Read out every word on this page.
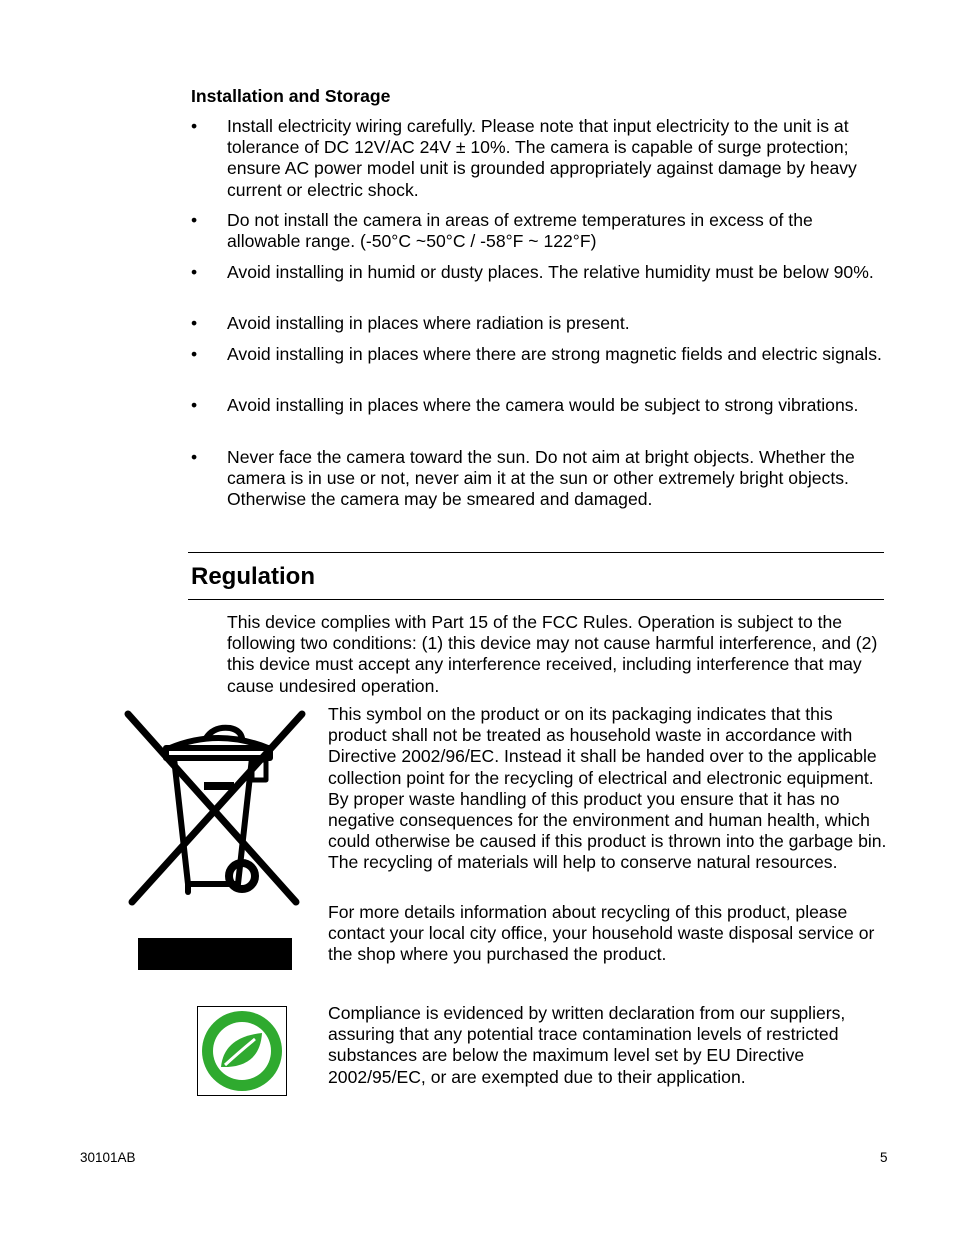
Installation and Storage
• Install electricity wiring carefully. Please note that input electricity to the unit is at tolerance of DC 12V/AC 24V ± 10%. The camera is capable of surge protection; ensure AC power model unit is grounded appropriately against damage by heavy current or electric shock.
• Do not install the camera in areas of extreme temperatures in excess of the allowable range. (-50°C ~50°C / -58°F ~ 122°F)
• Avoid installing in humid or dusty places. The relative humidity must be below 90%.
• Avoid installing in places where radiation is present.
• Avoid installing in places where there are strong magnetic fields and electric signals.
• Avoid installing in places where the camera would be subject to strong vibrations.
• Never face the camera toward the sun. Do not aim at bright objects. Whether the camera is in use or not, never aim it at the sun or other extremely bright objects. Otherwise the camera may be smeared and damaged.
Regulation

This device complies with Part 15 of the FCC Rules. Operation is subject to the following two conditions: (1) this device may not cause harmful interference, and (2) this device must accept any interference received, including interference that may cause undesired operation.

This symbol on the product or on its packaging indicates that this product shall not be treated as household waste in accordance with Directive 2002/96/EC. Instead it shall be handed over to the applicable collection point for the recycling of electrical and electronic equipment. By proper waste handling of this product you ensure that it has no negative consequences for the environment and human health, which could otherwise be caused if this product is thrown into the garbage bin. The recycling of materials will help to conserve natural resources.

For more details information about recycling of this product, please contact your local city office, your household waste disposal service or the shop where you purchased the product.

Compliance is evidenced by written declaration from our suppliers, assuring that any potential trace contamination levels of restricted substances are below the maximum level set by EU Directive 2002/95/EC, or are exempted due to their application.

30101AB	5
